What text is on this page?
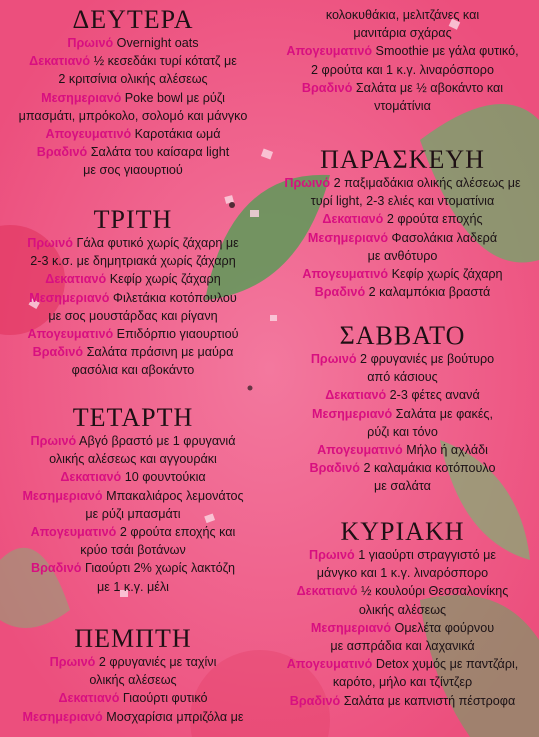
ΔΕΥΤΕΡΑ
Πρωινό Overnight oats
Δεκατιανό ½ κεσεδάκι τυρί κότατζ με
2 κριτσίνια ολικής αλέσεως
Μεσημεριανό Poke bowl με ρύζι
μπασμάτι, μπρόκολο, σολομό και μάνγκο
Απογευματινό Καροτάκια ωμά
Βραδινό Σαλάτα του καίσαρα light
με σος γιαουρτιού
ΤΡΙΤΗ
Πρωινό Γάλα φυτικό χωρίς ζάχαρη με
2-3 κ.σ. με δημητριακά χωρίς ζάχαρη
Δεκατιανό Κεφίρ χωρίς ζάχαρη
Μεσημεριανό Φιλετάκια κοτόπουλου
με σος μουστάρδας και ρίγανη
Απογευματινό Επιδόρπιο γιαουρτιού
Βραδινό Σαλάτα πράσινη με μαύρα
φασόλια και αβοκάντο
ΤΕΤΑΡΤΗ
Πρωινό Αβγό βραστό με 1 φρυγανιά
ολικής αλέσεως και αγγουράκι
Δεκατιανό 10 φουντούκια
Μεσημεριανό Μπακαλιάρος λεμονάτος
με ρύζι μπασμάτι
Απογευματινό 2 φρούτα εποχής και
κρύο τσάι βοτάνων
Βραδινό Γιαούρτι 2% χωρίς λακτόζη
με 1 κ.γ. μέλι
ΠΕΜΠΤΗ
Πρωινό 2 φρυγανιές με ταχίνι
ολικής αλέσεως
Δεκατιανό Γιαούρτι φυτικό
Μεσημεριανό Μοσχαρίσια μπριζόλα με
κολοκυθάκια, μελιτζάνες και
μανιτάρια σχάρας
Απογευματινό Smoothie με γάλα φυτικό,
2 φρούτα και 1 κ.γ. λιναρόσπορο
Βραδινό Σαλάτα με ½ αβοκάντο και
ντομάτίνια
ΠΑΡΑΣΚΕΥΗ
Πρωινό 2 παξιμαδάκια ολικής αλέσεως με
τυρί light, 2-3 ελιές και ντοματίνια
Δεκατιανό 2 φρούτα εποχής
Μεσημεριανό Φασολάκια λαδερά
με ανθότυρο
Απογευματινό Κεφίρ χωρίς ζάχαρη
Βραδινό 2 καλαμπόκια βραστά
ΣΑΒΒΑΤΟ
Πρωινό 2 φρυγανιές με βούτυρο
από κάσιους
Δεκατιανό 2-3 φέτες ανανά
Μεσημεριανό Σαλάτα με φακές,
ρύζι και τόνο
Απογευματινό Μήλο ή αχλάδι
Βραδινό 2 καλαμάκια κοτόπουλο
με σαλάτα
ΚΥΡΙΑΚΗ
Πρωινό 1 γιαούρτι στραγγιστό με
μάνγκο και 1 κ.γ. λιναρόσπορο
Δεκατιανό ½ κουλούρι Θεσσαλονίκης
ολικής αλέσεως
Μεσημεριανό Ομελέτα φούρνου
με ασπράδια και λαχανικά
Απογευματινό Detox χυμός με παντζάρι,
καρότο, μήλο και τζίντζερ
Βραδινό Σαλάτα με καπνιστή πέστροφα
